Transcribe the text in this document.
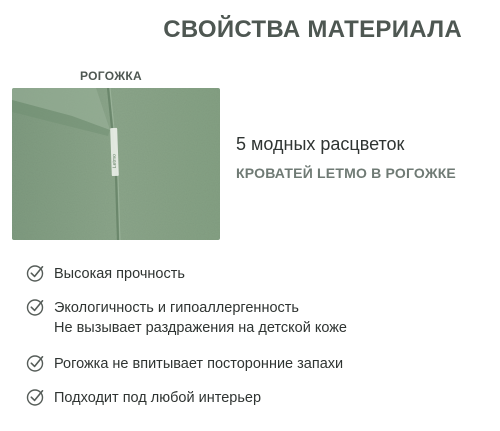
СВОЙСТВА МАТЕРИАЛА
РОГОЖКА
Letmo
5 модных расцветок
КРОВАТЕЙ LETMO В РОГОЖКЕ
Высокая прочность
Экологичность и гипоаллергенность
Не вызывает раздражения на детской коже
Рогожка не впитывает посторонние запахи
Подходит под любой интерьер
